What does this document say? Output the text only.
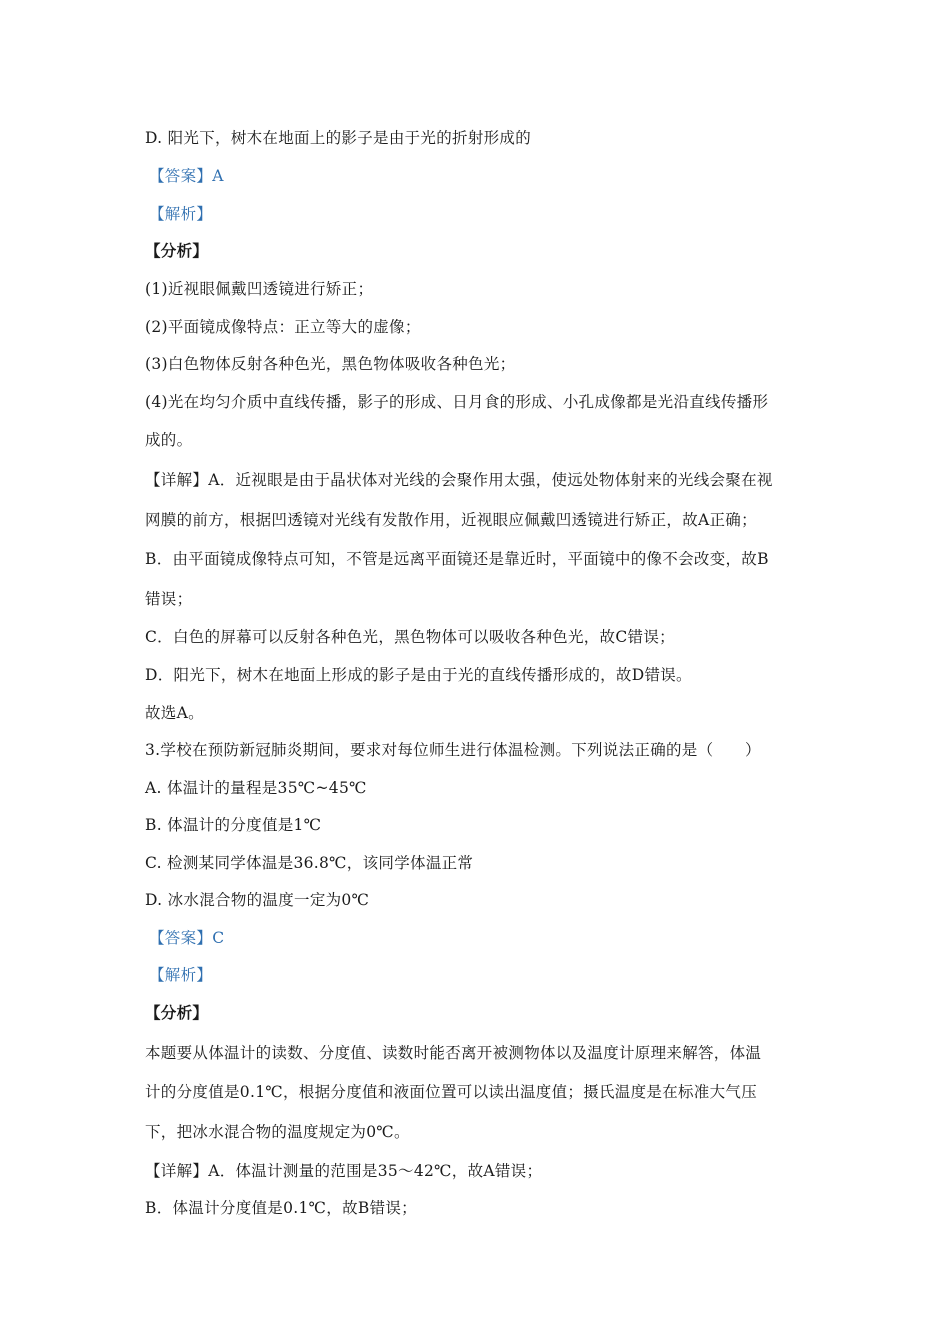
D. 阳光下，树木在地面上的影子是由于光的折射形成的
【答案】A
【解析】
【分析】
(1)近视眼佩戴凹透镜进行矫正；
(2)平面镜成像特点：正立等大的虚像；
(3)白色物体反射各种色光，黑色物体吸收各种色光；
(4)光在均匀介质中直线传播，影子的形成、日月食的形成、小孔成像都是光沿直线传播形
成的。
【详解】A．近视眼是由于晶状体对光线的会聚作用太强，使远处物体射来的光线会聚在视
网膜的前方，根据凹透镜对光线有发散作用，近视眼应佩戴凹透镜进行矫正，故A正确；
B．由平面镜成像特点可知，不管是远离平面镜还是靠近时，平面镜中的像不会改变，故B
错误；
C．白色的屏幕可以反射各种色光，黑色物体可以吸收各种色光，故C错误；
D．阳光下，树木在地面上形成的影子是由于光的直线传播形成的，故D错误。
故选A。
3.学校在预防新冠肺炎期间，要求对每位师生进行体温检测。下列说法正确的是（　　）
A. 体温计的量程是35℃~45℃
B. 体温计的分度值是1℃
C. 检测某同学体温是36.8℃，该同学体温正常
D. 冰水混合物的温度一定为0℃
【答案】C
【解析】
【分析】
本题要从体温计的读数、分度值、读数时能否离开被测物体以及温度计原理来解答，体温
计的分度值是0.1℃，根据分度值和液面位置可以读出温度值；摄氏温度是在标准大气压
下，把冰水混合物的温度规定为0℃。
【详解】A．体温计测量的范围是35～42℃，故A错误；
B．体温计分度值是0.1℃，故B错误；
